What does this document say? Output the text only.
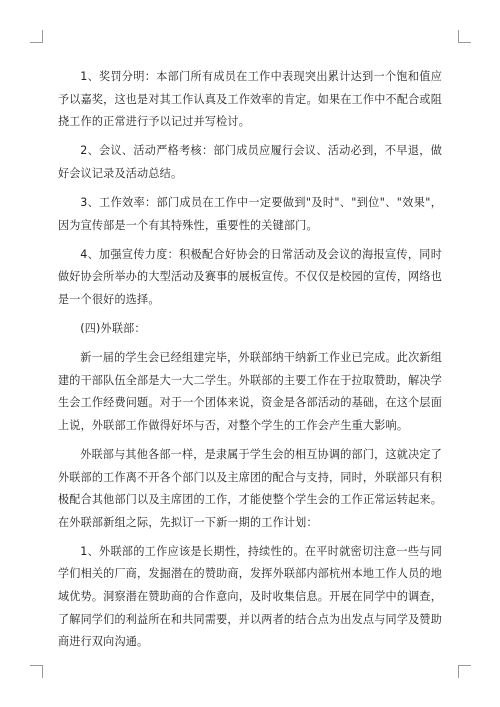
1、奖罚分明：本部门所有成员在工作中表现突出累计达到一个饱和值应予以嘉奖，这也是对其工作认真及工作效率的肯定。如果在工作中不配合或阻挠工作的正常进行予以记过并写检讨。

2、会议、活动严格考核：部门成员应履行会议、活动必到，不早退，做好会议记录及活动总结。

3、工作效率：部门成员在工作中一定要做到"及时"、"到位"、"效果"，因为宣传部是一个有其特殊性，重要性的关键部门。

4、加强宣传力度：积极配合好协会的日常活动及会议的海报宣传，同时做好协会所举办的大型活动及赛事的展板宣传。不仅仅是校园的宣传，网络也是一个很好的选择。

(四)外联部：

新一届的学生会已经组建完毕，外联部纳干纳新工作业已完成。此次新组建的干部队伍全部是大一大二学生。外联部的主要工作在于拉取赞助，解决学生会工作经费问题。对于一个团体来说，资金是各部活动的基础，在这个层面上说，外联部工作做得好坏与否，对整个学生的工作会产生重大影响。

外联部与其他各部一样，是隶属于学生会的相互协调的部门，这就决定了外联部的工作离不开各个部门以及主席团的配合与支持，同时，外联部只有积极配合其他部门以及主席团的工作，才能使整个学生会的工作正常运转起来。在外联部新组之际，先拟订一下新一期的工作计划：

1、外联部的工作应该是长期性，持续性的。在平时就密切注意一些与同学们相关的厂商，发掘潜在的赞助商，发挥外联部内部杭州本地工作人员的地域优势。洞察潜在赞助商的合作意向，及时收集信息。开展在同学中的调查，了解同学们的利益所在和共同需要，并以两者的结合点为出发点与同学及赞助商进行双向沟通。
